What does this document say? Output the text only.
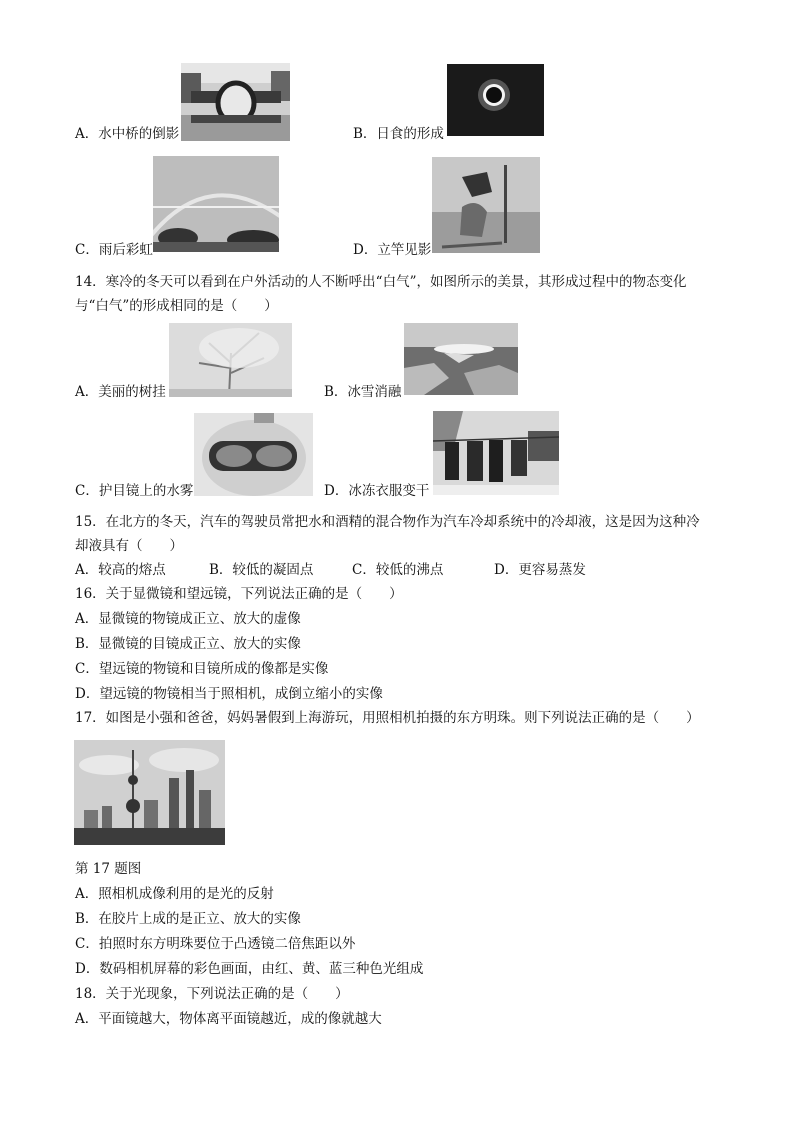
A．水中桥的倒影	B．日食的形成
C．雨后彩虹	D．立竿见影
14．寒冷的冬天可以看到在户外活动的人不断呼出“白气”，如图所示的美景，其形成过程中的物态变化
与“白气”的形成相同的是（　　）
A．美丽的树挂	B．冰雪消融
C．护目镜上的水雾	D．冰冻衣服变干
15．在北方的冬天，汽车的驾驶员常把水和酒精的混合物作为汽车冷却系统中的冷却液，这是因为这种冷
却液具有（　　）
A．较高的熔点	B．较低的凝固点	C．较低的沸点	D．更容易蒸发
16．关于显微镜和望远镜，下列说法正确的是（　　）
A．显微镜的物镜成正立、放大的虚像
B．显微镜的目镜成正立、放大的实像
C．望远镜的物镜和目镜所成的像都是实像
D．望远镜的物镜相当于照相机，成倒立缩小的实像
17．如图是小强和爸爸，妈妈暑假到上海游玩，用照相机拍摄的东方明珠。则下列说法正确的是（　　）
第 17 题图
A．照相机成像利用的是光的反射
B．在胶片上成的是正立、放大的实像
C．拍照时东方明珠要位于凸透镜二倍焦距以外
D．数码相机屏幕的彩色画面，由红、黄、蓝三种色光组成
18．关于光现象，下列说法正确的是（　　）
A．平面镜越大，物体离平面镜越近，成的像就越大
